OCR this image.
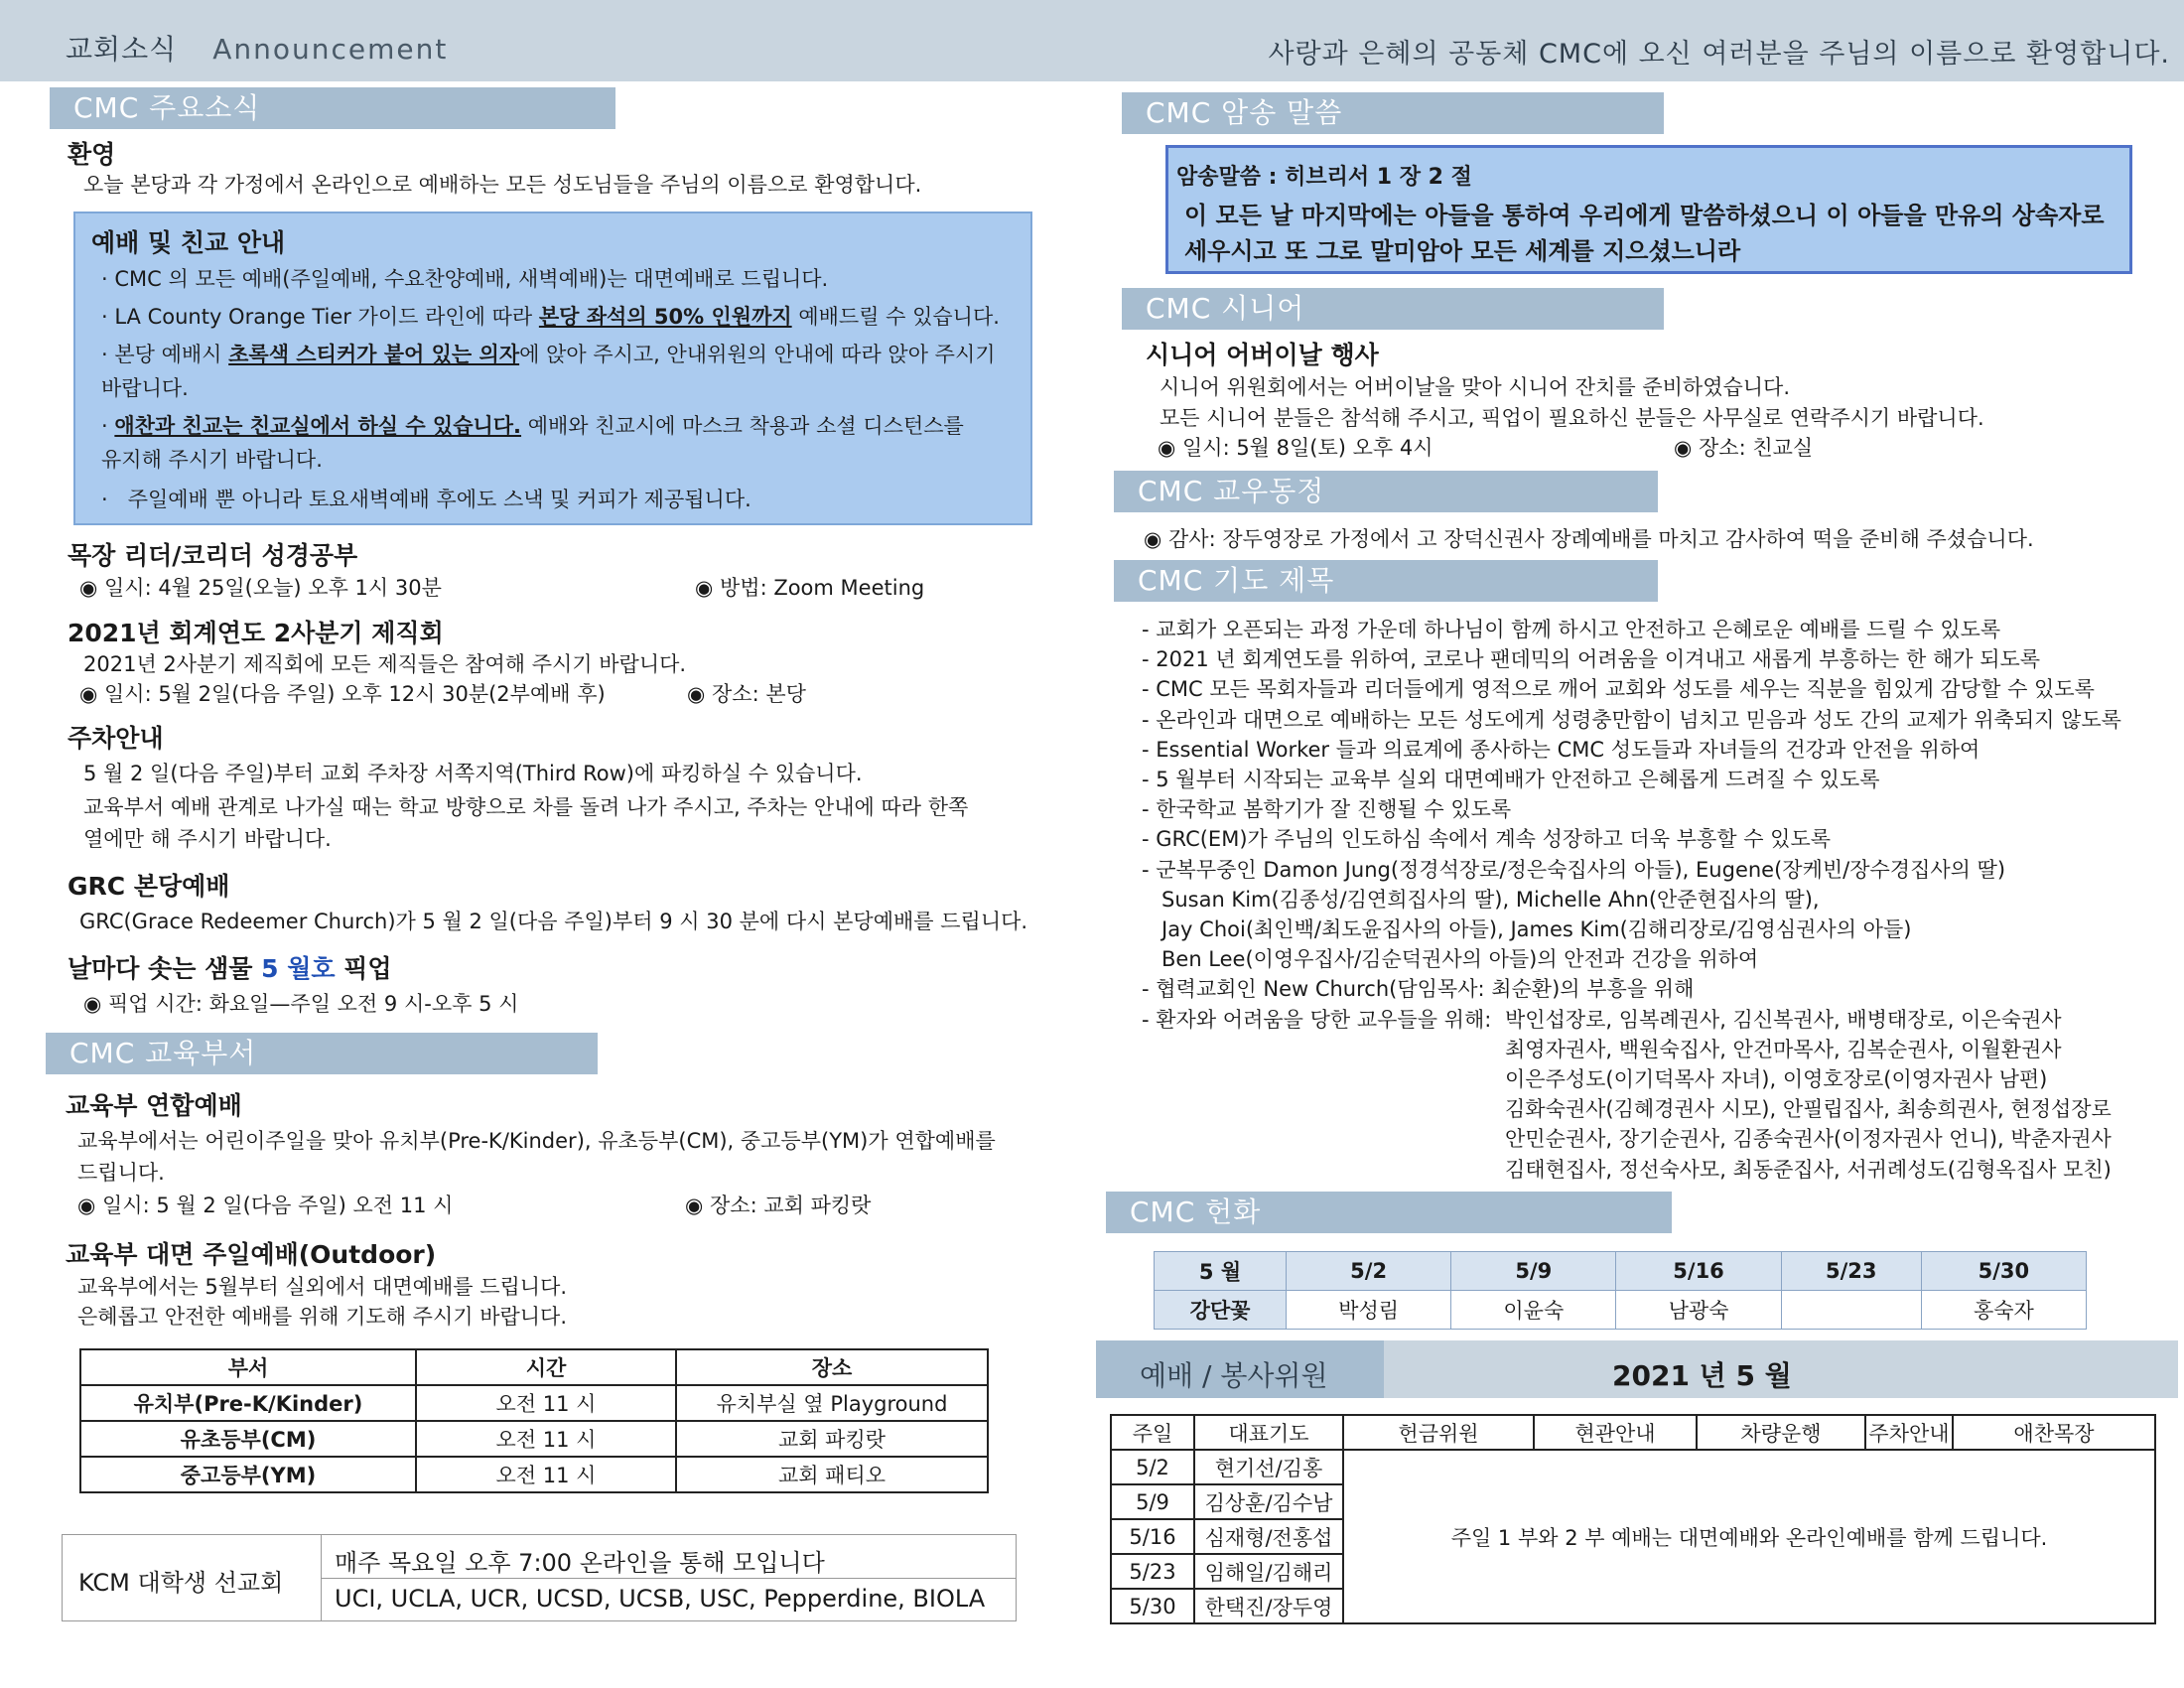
교회소식 Announcement	사랑과 은혜의 공동체 CMC에 오신 여러분을 주님의 이름으로 환영합니다.
CMC 주요소식
환영
오늘 본당과 각 가정에서 온라인으로 예배하는 모든 성도님들을 주님의 이름으로 환영합니다.
예배 및 친교 안내
· CMC 의 모든 예배(주일예배, 수요찬양예배, 새벽예배)는 대면예배로 드립니다.
· LA County Orange Tier 가이드 라인에 따라 본당 좌석의 50% 인원까지 예배드릴 수 있습니다.
· 본당 예배시 초록색 스티커가 붙어 있는 의자에 앉아 주시고, 안내위원의 안내에 따라 앉아 주시기
바랍니다.
· 애찬과 친교는 친교실에서 하실 수 있습니다. 예배와 친교시에 마스크 착용과 소셜 디스턴스를
유지해 주시기 바랍니다.
·   주일예배 뿐 아니라 토요새벽예배 후에도 스낵 및 커피가 제공됩니다.
목장 리더/코리더 성경공부
◉ 일시: 4월 25일(오늘) 오후 1시 30분	◉ 방법: Zoom Meeting
2021년 회계연도 2사분기 제직회
2021년 2사분기 제직회에 모든 제직들은 참여해 주시기 바랍니다.
◉ 일시: 5월 2일(다음 주일) 오후 12시 30분(2부예배 후)	◉ 장소: 본당
주차안내
5 월 2 일(다음 주일)부터 교회 주차장 서쪽지역(Third Row)에 파킹하실 수 있습니다.
교육부서 예배 관계로 나가실 때는 학교 방향으로 차를 돌려 나가 주시고, 주차는 안내에 따라 한쪽
열에만 해 주시기 바랍니다.
GRC 본당예배
GRC(Grace Redeemer Church)가 5 월 2 일(다음 주일)부터 9 시 30 분에 다시 본당예배를 드립니다.
날마다 솟는 샘물 5 월호 픽업
◉ 픽업 시간: 화요일—주일 오전 9 시-오후 5 시
CMC 교육부서
교육부 연합예배
교육부에서는 어린이주일을 맞아 유치부(Pre-K/Kinder), 유초등부(CM), 중고등부(YM)가 연합예배를
드립니다.
◉ 일시: 5 월 2 일(다음 주일) 오전 11 시	◉ 장소: 교회 파킹랏
교육부 대면 주일예배(Outdoor)
교육부에서는 5월부터 실외에서 대면예배를 드립니다.
은혜롭고 안전한 예배를 위해 기도해 주시기 바랍니다.
부서	시간	장소
유치부(Pre-K/Kinder)	오전 11 시	유치부실 옆 Playground
유초등부(CM)	오전 11 시	교회 파킹랏
중고등부(YM)	오전 11 시	교회 패티오
KCM 대학생 선교회
매주 목요일 오후 7:00 온라인을 통해 모입니다
UCI, UCLA, UCR, UCSD, UCSB, USC, Pepperdine, BIOLA
CMC 암송 말씀
암송말씀 : 히브리서 1 장 2 절
이 모든 날 마지막에는 아들을 통하여 우리에게 말씀하셨으니 이 아들을 만유의 상속자로
세우시고 또 그로 말미암아 모든 세계를 지으셨느니라
CMC 시니어
시니어 어버이날 행사
시니어 위원회에서는 어버이날을 맞아 시니어 잔치를 준비하였습니다.
모든 시니어 분들은 참석해 주시고, 픽업이 필요하신 분들은 사무실로 연락주시기 바랍니다.
◉ 일시: 5월 8일(토) 오후 4시	◉ 장소: 친교실
CMC 교우동정
◉ 감사: 장두영장로 가정에서 고 장덕신권사 장례예배를 마치고 감사하여 떡을 준비해 주셨습니다.
CMC 기도 제목
- 교회가 오픈되는 과정 가운데 하나님이 함께 하시고 안전하고 은혜로운 예배를 드릴 수 있도록
- 2021 년 회계연도를 위하여, 코로나 팬데믹의 어려움을 이겨내고 새롭게 부흥하는 한 해가 되도록
- CMC 모든 목회자들과 리더들에게 영적으로 깨어 교회와 성도를 세우는 직분을 힘있게 감당할 수 있도록
- 온라인과 대면으로 예배하는 모든 성도에게 성령충만함이 넘치고 믿음과 성도 간의 교제가 위축되지 않도록
- Essential Worker 들과 의료계에 종사하는 CMC 성도들과 자녀들의 건강과 안전을 위하여
- 5 월부터 시작되는 교육부 실외 대면예배가 안전하고 은혜롭게 드려질 수 있도록
- 한국학교 봄학기가 잘 진행될 수 있도록
- GRC(EM)가 주님의 인도하심 속에서 계속 성장하고 더욱 부흥할 수 있도록
- 군복무중인 Damon Jung(정경석장로/정은숙집사의 아들), Eugene(장케빈/장수경집사의 딸)
Susan Kim(김종성/김연희집사의 딸), Michelle Ahn(안준현집사의 딸),
Jay Choi(최인백/최도윤집사의 아들), James Kim(김해리장로/김영심권사의 아들)
Ben Lee(이영우집사/김순덕권사의 아들)의 안전과 건강을 위하여
- 협력교회인 New Church(담임목사: 최순환)의 부흥을 위해
- 환자와 어려움을 당한 교우들을 위해: 박인섭장로, 임복례권사, 김신복권사, 배병태장로, 이은숙권사
최영자권사, 백원숙집사, 안건마목사, 김복순권사, 이월환권사
이은주성도(이기덕목사 자녀), 이영호장로(이영자권사 남편)
김화숙권사(김혜경권사 시모), 안필립집사, 최송희권사, 현정섭장로
안민순권사, 장기순권사, 김종숙권사(이정자권사 언니), 박춘자권사
김태현집사, 정선숙사모, 최동준집사, 서귀례성도(김형옥집사 모친)
CMC 헌화
5 월	5/2	5/9	5/16	5/23	5/30
강단꽃	박성림	이윤숙	남광숙		홍숙자
예배 / 봉사위원	2021 년 5 월
주일	대표기도	헌금위원	현관안내	차량운행	주차안내	애찬목장
5/2	현기선/김홍	주일 1 부와 2 부 예배는 대면예배와 온라인예배를 함께 드립니다.				
5/9	김상훈/김수남					
5/16	심재형/전홍섭					
5/23	임해일/김해리					
5/30	한택진/장두영					
